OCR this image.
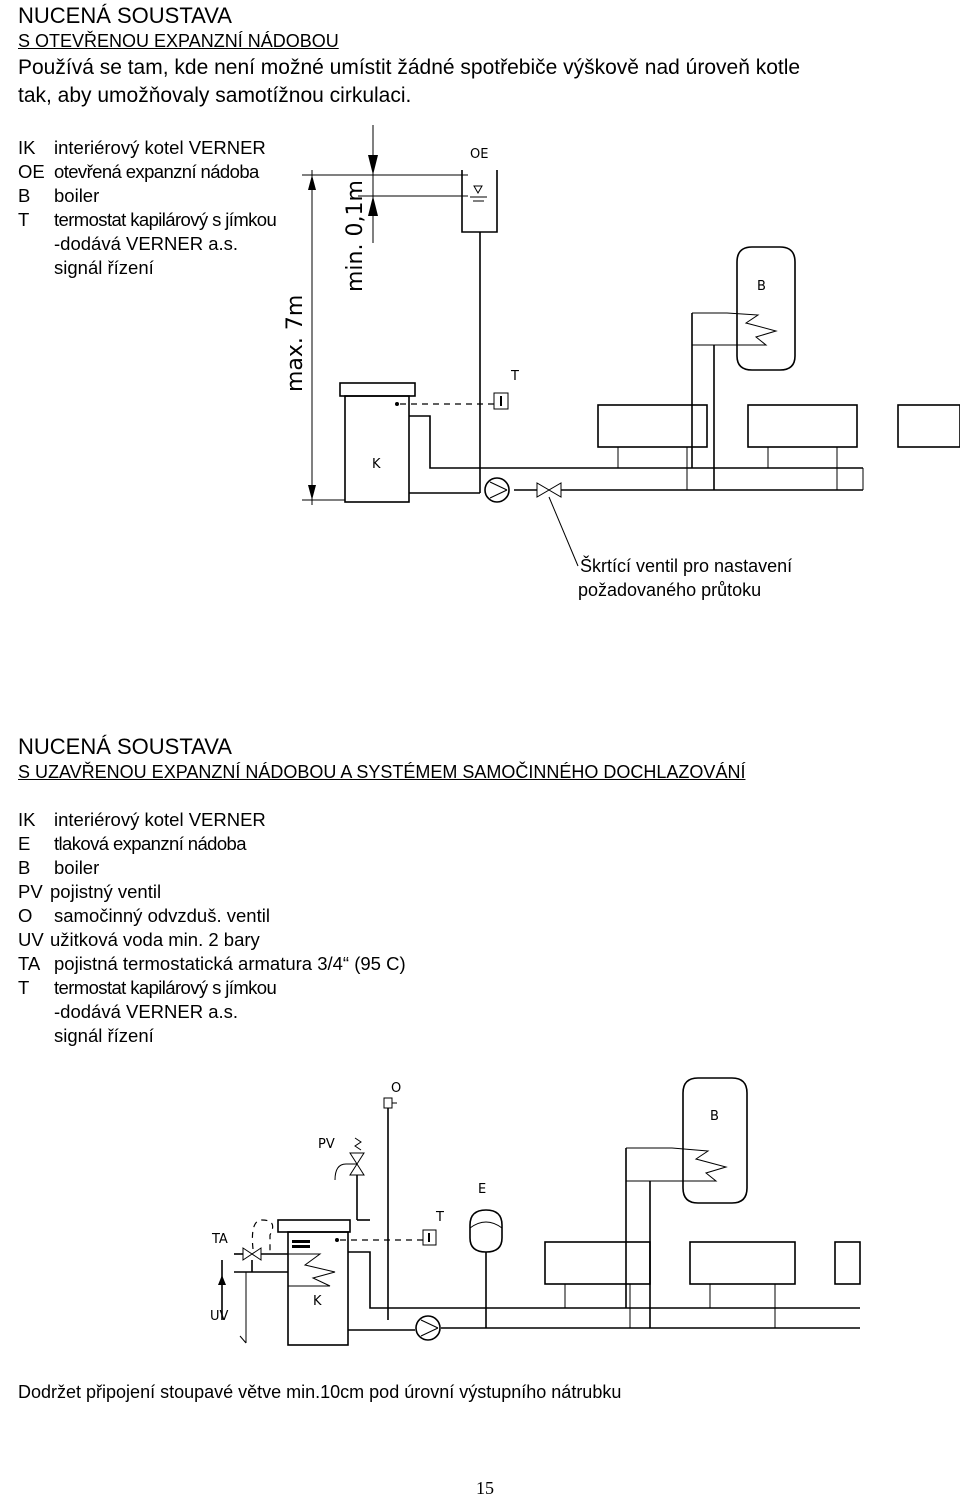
NUCENÁ SOUSTAVA
S OTEVŘENOU EXPANZNÍ NÁDOBOU
Používá se tam, kde není možné umístit žádné spotřebiče výškově nad úroveň kotle
tak, aby umožňovaly samotížnou cirkulaci.
IK	interiérový kotel VERNER
OE otevřená expanzní nádoba
B	boiler
T	termostat kapilárový s jímkou
-dodává VERNER a.s.
signál řízení
max. 7m
min. 0,1m
OE
K
T
B
Škrtící ventil pro nastavení
požadovaného průtoku
NUCENÁ SOUSTAVA
S UZAVŘENOU EXPANZNÍ NÁDOBOU A SYSTÉMEM SAMOČINNÉHO DOCHLAZOVÁNÍ
IK	interiérový kotel VERNER
E	tlaková expanzní nádoba
B	boiler
PV pojistný ventil
O	samočinný odvzduš. ventil
UV užitková voda min. 2 bary
TA pojistná termostatická armatura 3/4“ (95 C)
T	termostat kapilárový s jímkou
-dodává VERNER a.s.
signál řízení
O
PV
TA
UV
K
T
E
B
Dodržet připojení stoupavé větve min.10cm pod úrovní výstupního nátrubku
15
